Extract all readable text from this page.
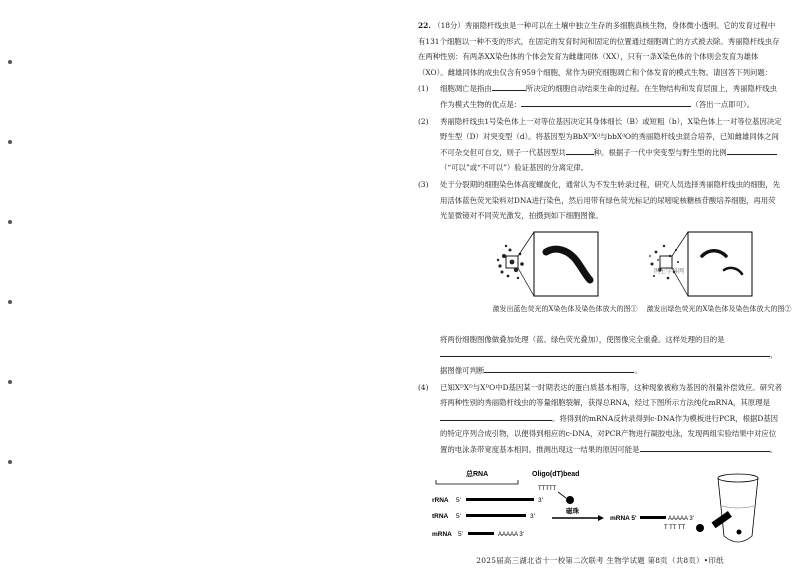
22. （18分）秀丽隐杆线虫是一种可以在土壤中独立生存的多细胞真核生物，身体微小透明。它的发育过程中有131个细胞以一种不变的形式，在固定的发育时间和固定的位置通过细胞凋亡的方式被去除。秀丽隐杆线虫存在两种性别：有两条XX染色体的个体会发育为雌雄同体（XX），只有一条X染色体的个体则会发育为雄体（XO）。雌雄同体的成虫仅含有959个细胞，常作为研究细胞凋亡和个体发育的模式生物。请回答下列问题：
(1) 细胞凋亡是指由	所决定的细胞自动结束生命的过程。在生物结构和发育层面上，秀丽隐杆线虫作为模式生物的优点是：	（答出一点即可）。
(2) 秀丽隐杆线虫1号染色体上一对等位基因决定其身体细长（B）或短粗（b），X染色体上一对等位基因决定野生型（D）对突变型（d）。将基因型为BbXᴰXᵈ与bbXᵈO的秀丽隐杆线虫混合培养，已知雌雄同体之间不可杂交但可自交，则子一代基因型共	种。根据子一代中突变型与野生型的比例（“可以”或“不可以”）验证基因的分离定律。
(3) 处于分裂期的细胞染色体高度螺旋化，通常认为不发生转录过程，研究人员选择秀丽隐杆线虫的细胞，先用活体蓝色荧光染料对DNA进行染色，然后用带有绿色荧光标记的尿嘧啶核糖核苷酸培养细胞，再用荧光显微镜对不同荧光激发，拍摄到如下细胞图像。
激发出蓝色荧光的X染色体及染色体放大的图①	激发出绿色荧光的X染色体及染色体放大的图②
网上学科网
将两份细胞图像做叠加处理（蓝、绿色荧光叠加），使图像完全重叠。这样处理的目的是，据图像可判断	。
(4) 已知XᴰXᴰ与XᴰO中D基因某一时期表达的蛋白质基本相等，这种现象被称为基因的剂量补偿效应。研究者将两种性别的秀丽隐杆线虫的等量细胞裂解，获得总RNA，经过下图所示方法纯化mRNA，其原理是。将得到的mRNA反转录得到c-DNA作为模板进行PCR，根据D基因的特定序列合成引物，以便得到相应的c-DNA，对PCR产物进行凝胶电泳，发现两组实验结果中对应位置的电泳条带宽度基本相同。推测出现这一结果的原因可能是	。
总RNA
rRNA 5'	3'
tRNA 5'	3'
mRNA 5'	AAAAA 3'
Oligo(dT)bead
TTTTT
磁珠
mRNA 5'	AAAAA 3'
T TT TT
2025届高三湖北省十一校第二次联考 生物学试题 第8页（共8页）•印纸
